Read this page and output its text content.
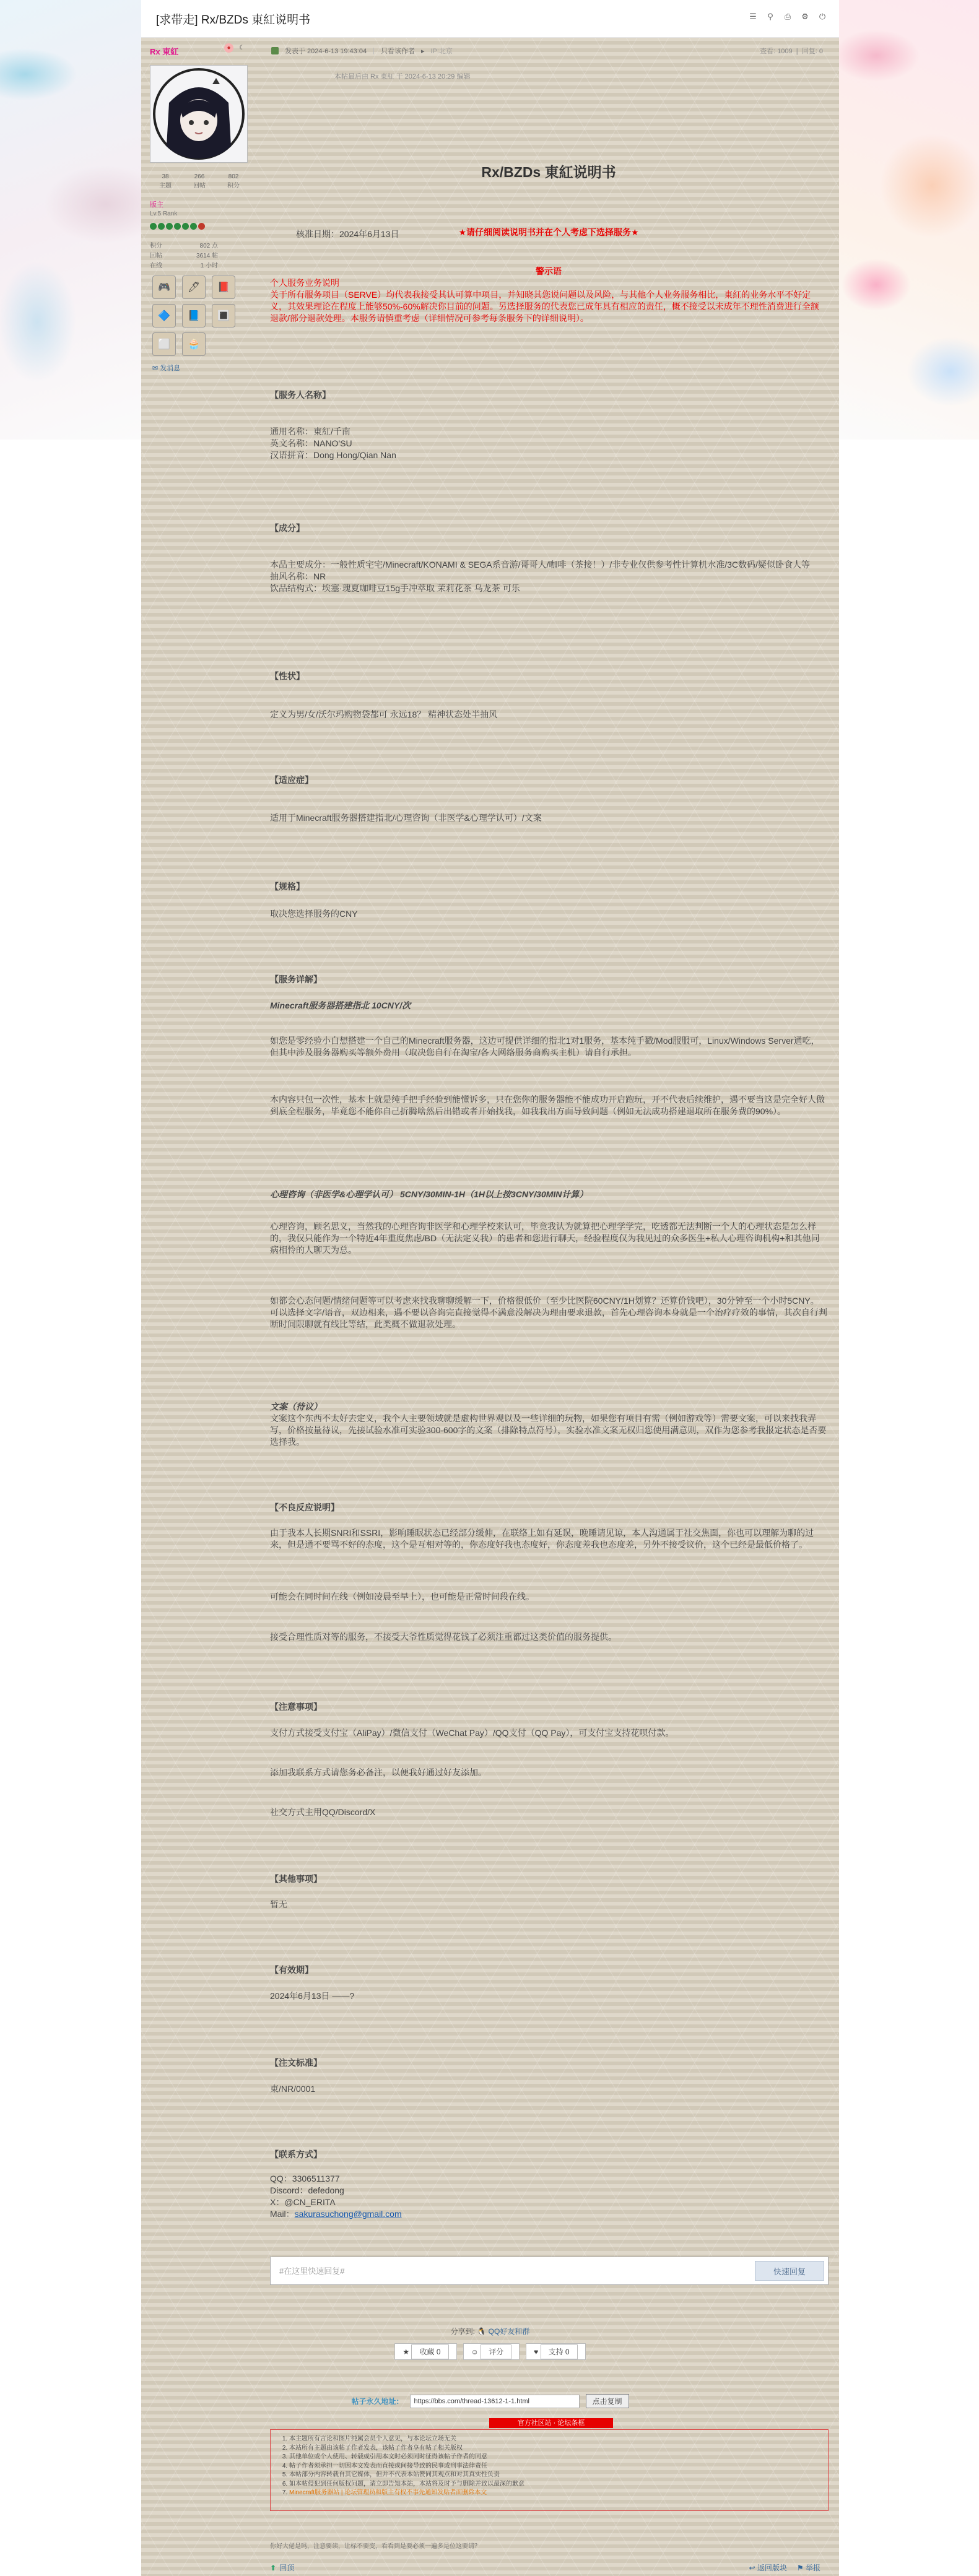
[求带走] Rx/BZDs 東紅说明书	☰ ⚲ ⎙ ⚙ ⏻
Rx 東紅	●	☾	发表于 2024-6-13 19:43:04 | 只看该作者 ▸ IP:北京	查看: 1009  |  回复: 0
38
主题
266
回帖
802
积分
版主
Lv.5 Rank
积分	802 点
回帖	3614 帖
在线	1 小时
🎮	🖊	📕
🔷	📘	🔳
⬜	🧁
✉ 发消息
本帖最后由 Rx 東紅 于 2024-6-13 20:29 编辑
Rx/BZDs 東紅说明书
核准日期：2024年6月13日	★请仔细阅读说明书并在个人考虑下选择服务★
警示语
个人服务业务说明
关于所有服务项目（SERVE）均代表我接受其认可算中项目，并知晓其您说问题以及风险，与其他个人业务服务相比，東紅的业务水平不好定义，其效果理论在程度上能够50%-60%解决你目前的问题。另选择服务的代表您已成年具有相应的责任，概不接受以未成年不理性消费进行全额退款/部分退款处理。本服务请慎重考虑（详细情况可参考每条服务下的详细说明）。
【服务人名称】
通用名称：東紅/千南
英文名称：NANO'SU
汉语拼音：Dong Hong/Qian Nan
【成分】
本品主要成分：一般性质宅宅/Minecraft/KONAMI & SEGA系音游/哥哥人/咖啡（茶接！）/非专业仅供参考性计算机水准/3C数码/疑似卧食人等
抽风名称：NR
饮品结构式：埃塞·瑰夏咖啡豆15g手冲萃取 茉莉花茶 乌龙茶 可乐
【性状】
定义为男/女/沃尔玛购物袋都可 永远18？ 精神状态处半抽风
【适应症】
适用于Minecraft服务器搭建指北/心理咨询（非医学&心理学认可）/文案
【规格】
取决您选择服务的CNY
【服务详解】
Minecraft服务器搭建指北 10CNY/次
如您是零经验小白想搭建一个自己的Minecraft服务器，这边可提供详细的指北1对1服务，基本纯手戳/Mod服服可，Linux/Windows Server通吃，但其中涉及服务器购买等额外费用（取决您自行在淘宝/各大网络服务商购买主机）请自行承担。
本内容只包一次性，基本上就是纯手把手经验到能懂诉多，只在您你的服务器能不能成功开启跑玩，开不代表后续维护，遇不要当这是完全好人做到底全程服务，毕竟您不能你自己折腾啥然后出错或者开始找我，如我我出方面导致问题（例如无法成功搭建退取所在服务费的90%）。
心理咨询（非医学&心理学认可） 5CNY/30MIN-1H（1H以上按3CNY/30MIN计算）
心理咨询，顾名思义，当然我的心理咨询非医学和心理学校来认可，毕竟我认为就算把心理学学完，吃透都无法判断一个人的心理状态是怎么样的，我仅只能作为一个特近4年重度焦虑/BD（无法定义我）的患者和您进行聊天，经验程度仅为我见过的众多医生+私人心理咨询机构+和其他同病相怜的人聊天为总。
如都会心态问题/情绪问题等可以考虑来找我聊聊缓解一下，价格很低价（至少比医院60CNY/1H划算？还算价钱吧），30分钟至一个小时5CNY。可以选择文字/语音，双边相来，遇不要以咨询完直接觉得不满意没解决为理由要求退款，首先心理咨询本身就是一个治疗疗效的事情，其次自行判断时间限聊就有线比等结，此类概不做退款处理。
文案（待议）
文案这个东西不太好去定义，我个人主要领域就是虚构世界观以及一些详细的玩物，如果您有项目有需（例如游戏等）需要文案，可以来找我弄写，价格按量待议，先接试验水准可实验300-600字的文案（排除特点符号），实验水准文案无权归您使用满意则，双作为您参考我报定状态是否要选择我。
【不良反应说明】
由于我本人长期SNRI和SSRI，影响睡眠状态已经部分缓伸，在联络上如有延误，晚睡请见谅，本人沟通属于社交焦面，你也可以理解为聊的过来，但是通不要骂不好的态度，这个是互相对等的，你态度好我也态度好，你态度差我也态度差，另外不接受议价，这个已经是最低价格了。
可能会在同时间在线（例如凌晨至早上），也可能是正常时间段在线。
接受合理性质对等的服务，不接受大爷性质觉得花钱了必须注重都过这类价值的服务提供。
【注意事项】
支付方式接受支付宝（AliPay）/微信支付（WeChat Pay）/QQ支付（QQ Pay），可支付宝支持花呗付款。
添加我联系方式请您务必备注，以便我好通过好友添加。
社交方式主用QQ/Discord/X
【其他事项】
暂无
【有效期】
2024年6月13日 ——?
【注文标准】
東/NR/0001
【联系方式】
QQ：3306511377
Discord：defedong
X：@CN_ERITA
Mail：sakurasuchong@gmail.com
#在这里快速回复#	快速回复
分享到: 🐧 QQ好友和群
★ 收藏 0	☺ 评分	♥ 支持 0
帖子永久地址：	https://bbs.com/thread-13612-1-1.html	点击复制
官方社区站 · 论坛条框
1. 本主题所有言论和图片纯属会员个人意见，与本论坛立场无关
2. 本站所有主题由该帖子作者发表，该帖子作者享有帖子相关版权
3. 其他单位或个人使用、转载或引用本文时必须同时征得该帖子作者的同意
4. 帖子作者须承担一切因本文发表而直接或间接导致的民事或刑事法律责任
5. 本帖部分内容转载自其它媒体，但并不代表本站赞同其观点和对其真实性负责
6. 如本帖侵犯到任何版权问题，请立即告知本站，本站将及时予与删除并致以最深的歉意
7. Minecraft服务器站 | 论坛管理员和版主有权不事先通知发贴者而删除本文
你好大佬是吗，注意要读，让标不要变，看看到是要必须一遍多是位这要请？
⬆ 回顶	↩ 返回版块 ⚑ 举报
